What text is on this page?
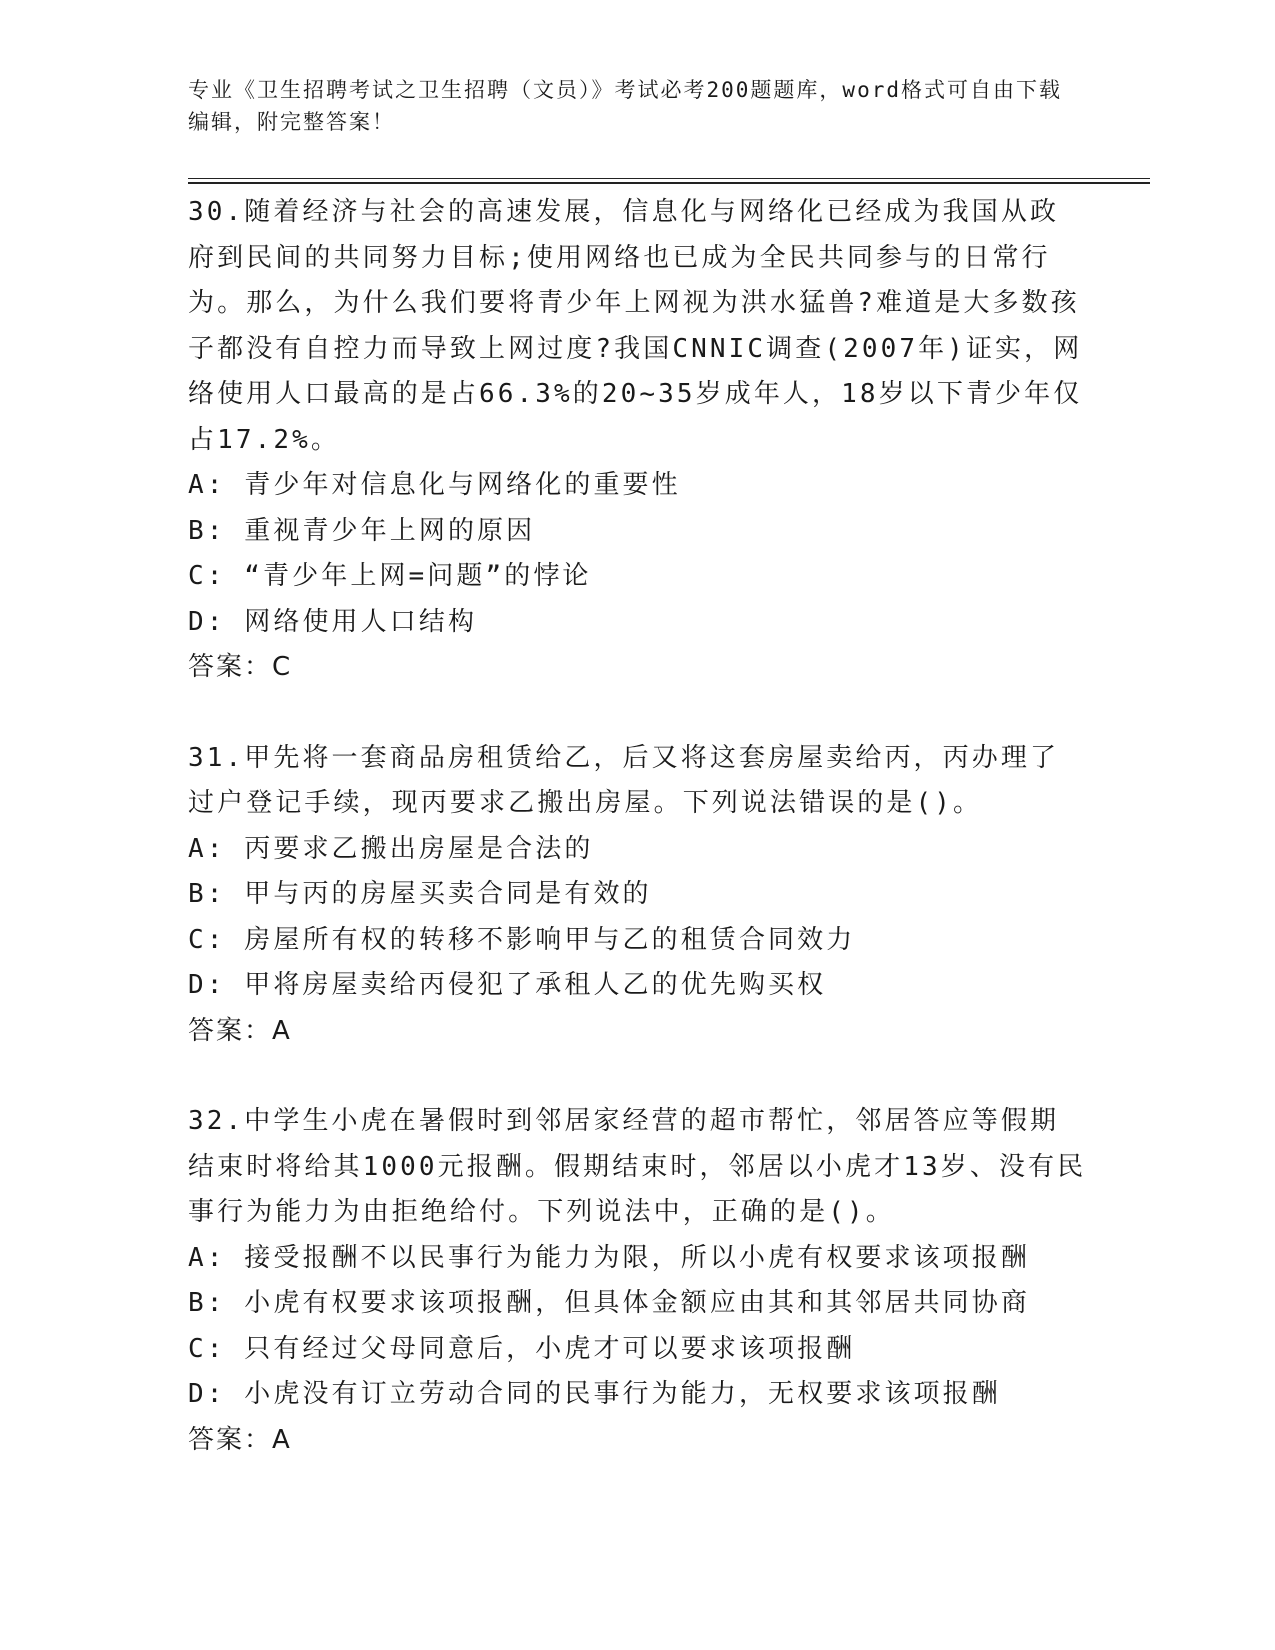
专业《卫生招聘考试之卫生招聘（文员）》考试必考200题题库，word格式可自由下载编辑，附完整答案！
30.随着经济与社会的高速发展，信息化与网络化已经成为我国从政府到民间的共同努力目标;使用网络也已成为全民共同参与的日常行为。那么，为什么我们要将青少年上网视为洪水猛兽?难道是大多数孩子都没有自控力而导致上网过度?我国CNNIC调查(2007年)证实，网络使用人口最高的是占66.3%的20~35岁成年人，18岁以下青少年仅占17.2%。
A: 青少年对信息化与网络化的重要性
B: 重视青少年上网的原因
C: “青少年上网=问题”的悖论
D: 网络使用人口结构
答案：C
31.甲先将一套商品房租赁给乙，后又将这套房屋卖给丙，丙办理了过户登记手续，现丙要求乙搬出房屋。下列说法错误的是()。
A: 丙要求乙搬出房屋是合法的
B: 甲与丙的房屋买卖合同是有效的
C: 房屋所有权的转移不影响甲与乙的租赁合同效力
D: 甲将房屋卖给丙侵犯了承租人乙的优先购买权
答案：A
32.中学生小虎在暑假时到邻居家经营的超市帮忙，邻居答应等假期结束时将给其1000元报酬。假期结束时，邻居以小虎才13岁、没有民事行为能力为由拒绝给付。下列说法中，正确的是()。
A: 接受报酬不以民事行为能力为限，所以小虎有权要求该项报酬
B: 小虎有权要求该项报酬，但具体金额应由其和其邻居共同协商
C: 只有经过父母同意后，小虎才可以要求该项报酬
D: 小虎没有订立劳动合同的民事行为能力，无权要求该项报酬
答案：A
